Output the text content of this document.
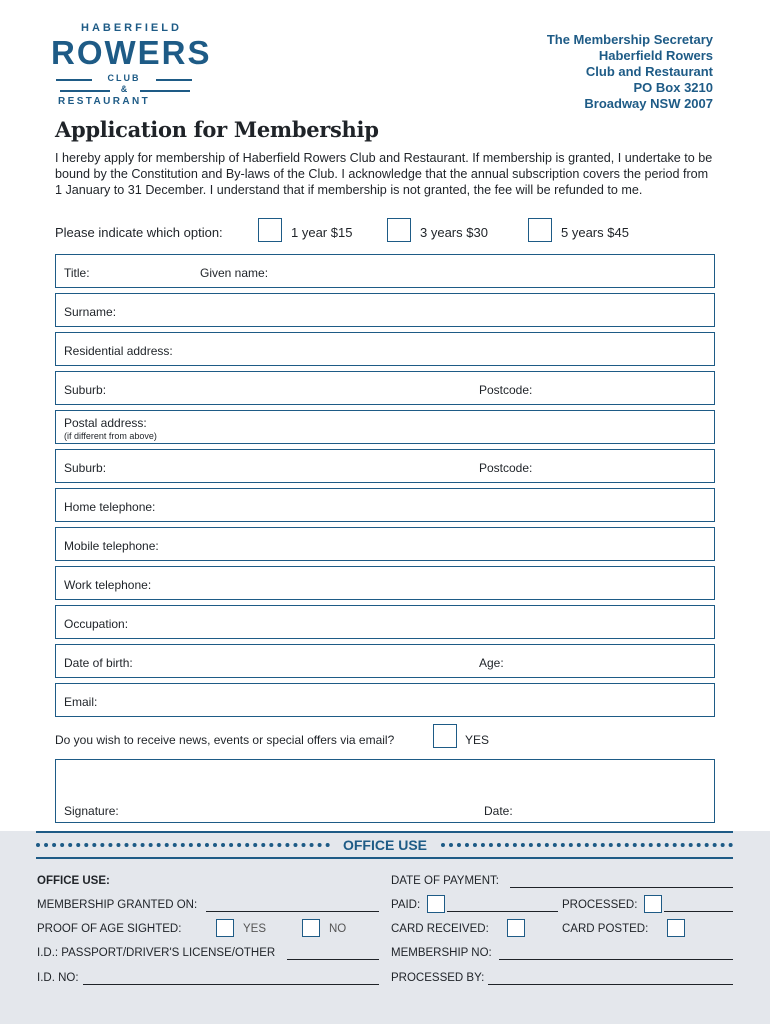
HABERFIELD
ROWERS
CLUB
&
RESTAURANT
The Membership Secretary
Haberfield Rowers
Club and Restaurant
PO Box 3210
Broadway NSW 2007
Application for Membership
I hereby apply for membership of Haberfield Rowers Club and Restaurant. If membership is granted, I undertake to be bound by the Constitution and By-laws of the Club. I acknowledge that the annual subscription covers the period from 1 January to 31 December. I understand that if membership is not granted, the fee will be refunded to me.
Please indicate which option:	1 year $15	3 years $30	5 years $45
Title:	Given name:
Surname:
Residential address:
Suburb:	Postcode:
Postal address:
(if different from above)
Suburb:	Postcode:
Home telephone:
Mobile telephone:
Work telephone:
Occupation:
Date of birth:	Age:
Email:
Do you wish to receive news, events or special offers via email?	YES
Signature:	Date:
OFFICE USE
OFFICE USE:	DATE OF PAYMENT:
MEMBERSHIP GRANTED ON:	PAID:	PROCESSED:
PROOF OF AGE SIGHTED:	YES	NO	CARD RECEIVED:	CARD POSTED:
I.D.: PASSPORT/DRIVER'S LICENSE/OTHER	MEMBERSHIP NO:
I.D. NO:	PROCESSED BY:
